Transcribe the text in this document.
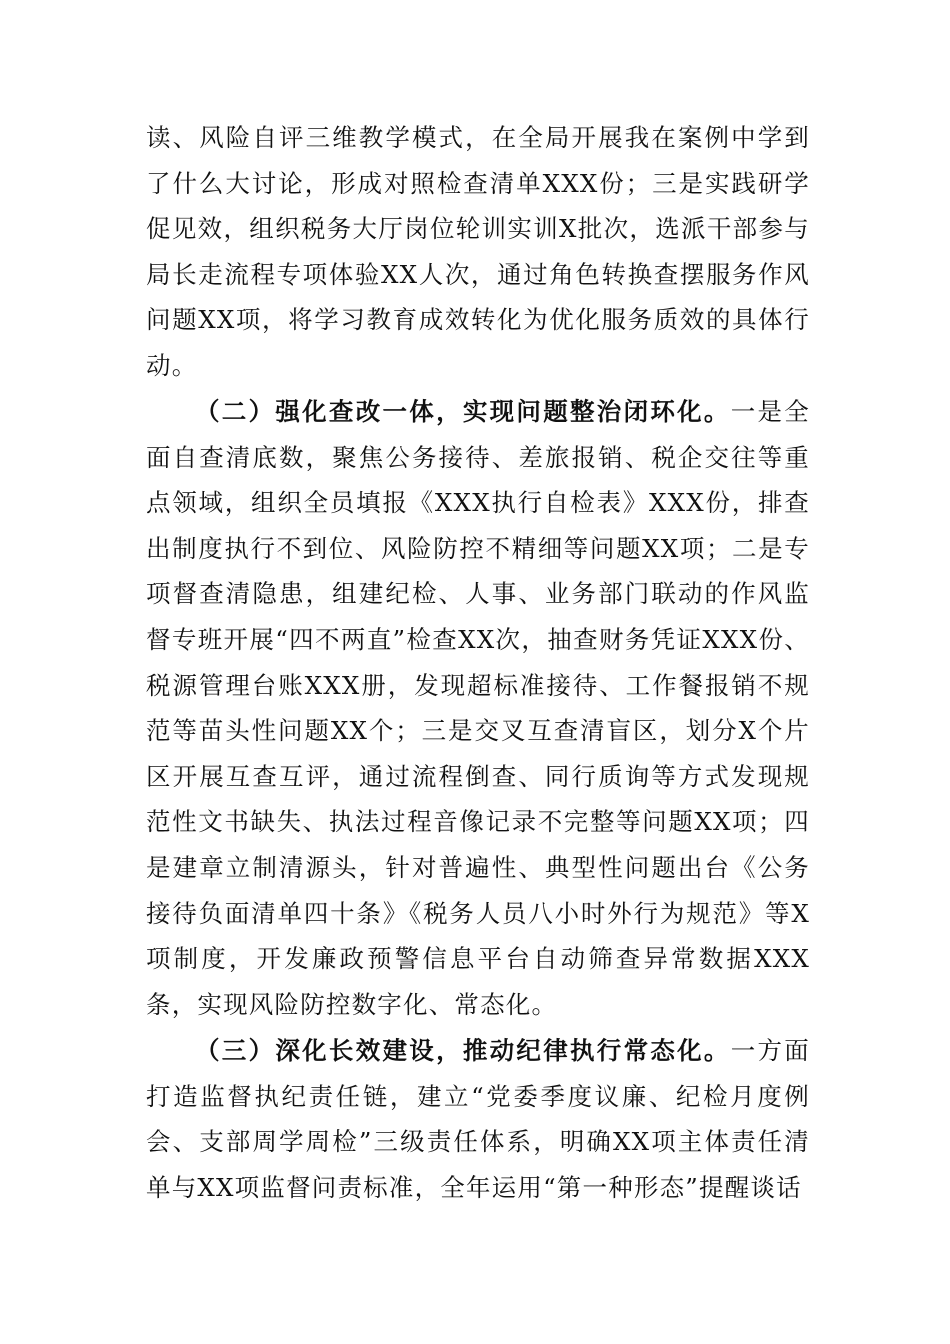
读、风险自评三维教学模式，在全局开展我在案例中学到了什么大讨论，形成对照检查清单XXX份；三是实践研学促见效，组织税务大厅岗位轮训实训X批次，选派干部参与局长走流程专项体验XX人次，通过角色转换查摆服务作风问题XX项，将学习教育成效转化为优化服务质效的具体行动。

（二）强化查改一体，实现问题整治闭环化。一是全面自查清底数，聚焦公务接待、差旅报销、税企交往等重点领域，组织全员填报《XXX执行自检表》XXX份，排查出制度执行不到位、风险防控不精细等问题XX项；二是专项督查清隐患，组建纪检、人事、业务部门联动的作风监督专班开展“四不两直”检查XX次，抽查财务凭证XXX份、税源管理台账XXX册，发现超标准接待、工作餐报销不规范等苗头性问题XX个；三是交叉互查清盲区，划分X个片区开展互查互评，通过流程倒查、同行质询等方式发现规范性文书缺失、执法过程音像记录不完整等问题XX项；四是建章立制清源头，针对普遍性、典型性问题出台《公务接待负面清单四十条》《税务人员八小时外行为规范》等X项制度，开发廉政预警信息平台自动筛查异常数据XXX条，实现风险防控数字化、常态化。

（三）深化长效建设，推动纪律执行常态化。一方面打造监督执纪责任链，建立“党委季度议廉、纪检月度例会、支部周学周检”三级责任体系，明确XX项主体责任清单与XX项监督问责标准，全年运用“第一种形态”提醒谈话
